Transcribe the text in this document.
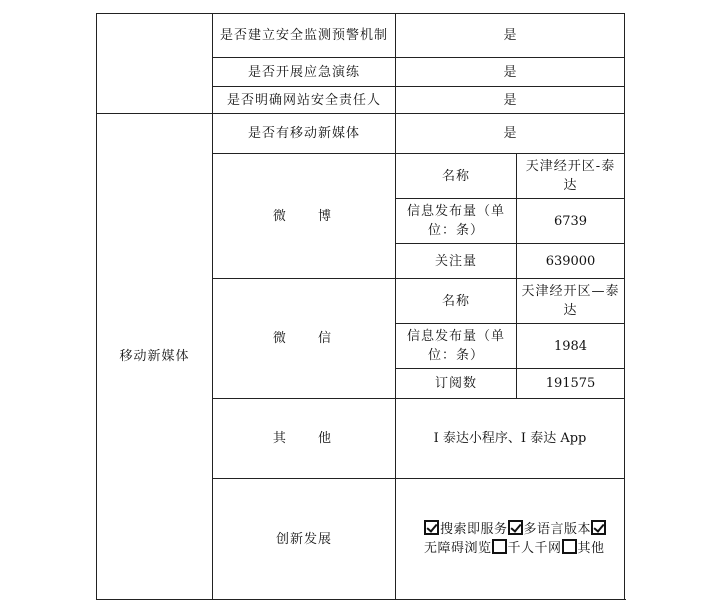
	是否建立安全监测预警机制	是	
	是否开展应急演练	是	
	是否明确网站安全责任人	是	
移动新媒体	是否有移动新媒体	是	
	微 博	名称	天津经开区-泰达
		信息发布量（单位：条）	6739
		关注量	639000
	微 信	名称	天津经开区—泰达
		信息发布量（单位：条）	1984
		订阅数	191575
	其 他	I 泰达小程序、I 泰达 App	
	创新发展	搜索即服务 多语言版本无障碍浏览 千人千网 其他	
